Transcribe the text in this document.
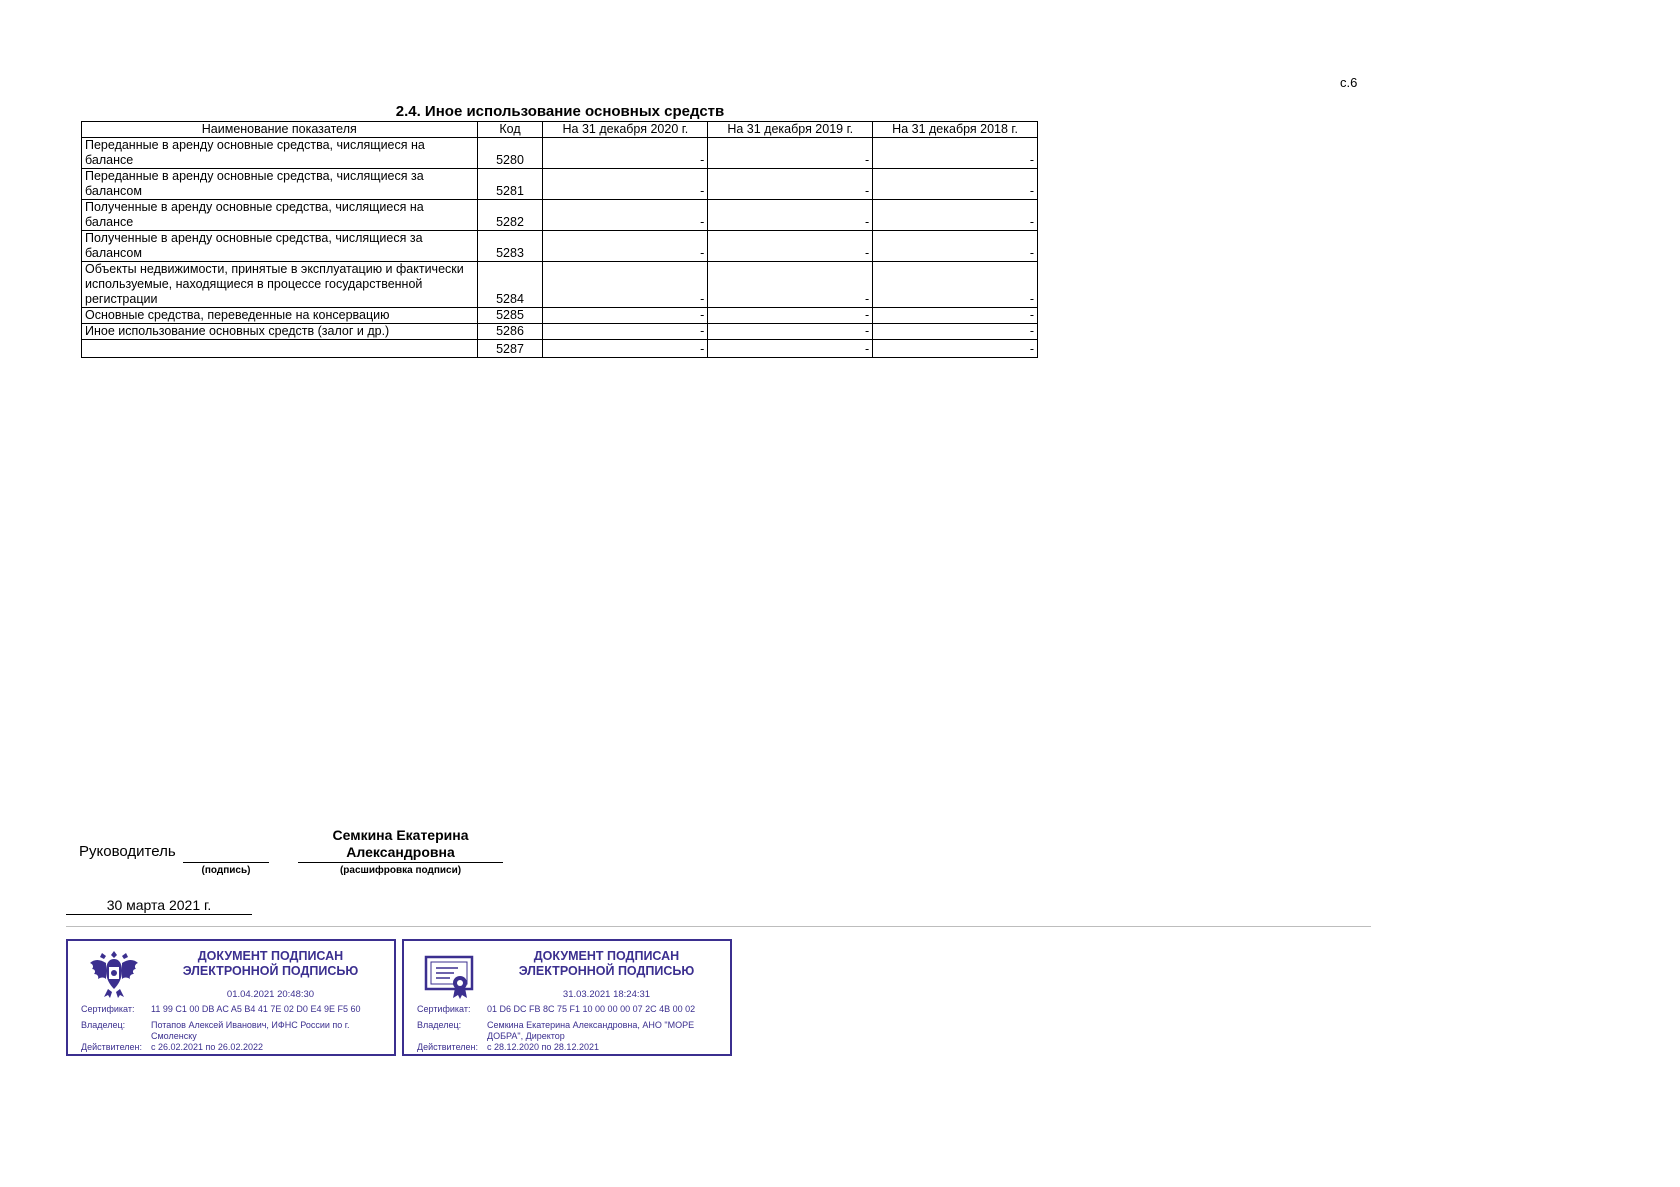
с.6
2.4. Иное использование основных средств
Наименование показателя	Код	На 31 декабря 2020 г.	На 31 декабря 2019 г.	На 31 декабря 2018 г.
Переданные в аренду основные средства, числящиеся на балансе	5280	-	-	-
Переданные в аренду основные средства, числящиеся за балансом	5281	-	-	-
Полученные в аренду основные средства, числящиеся на балансе	5282	-	-	-
Полученные в аренду основные средства, числящиеся за балансом	5283	-	-	-
Объекты недвижимости, принятые в эксплуатацию и фактически используемые, находящиеся в процессе государственной регистрации	5284	-	-	-
Основные средства, переведенные на консервацию	5285	-	-	-
Иное использование основных средств (залог и др.)	5286	-	-	-
	5287	-	-	-
Руководитель
(подпись)
Семкина Екатерина Александровна
(расшифровка подписи)
30 марта 2021 г.
ДОКУМЕНТ ПОДПИСАН ЭЛЕКТРОННОЙ ПОДПИСЬЮ
01.04.2021 20:48:30
Сертификат: 11 99 C1 00 DB AC A5 B4 41 7E 02 D0 E4 9E F5 60
Владелец:	Потапов Алексей Иванович, ИФНС России по г. Смоленску
Действителен: с 26.02.2021 по 26.02.2022
ДОКУМЕНТ ПОДПИСАН ЭЛЕКТРОННОЙ ПОДПИСЬЮ
31.03.2021 18:24:31
Сертификат: 01 D6 DC FB 8C 75 F1 10 00 00 00 07 2C 4B 00 02
Владелец:	Семкина Екатерина Александровна, АНО "МОРЕ ДОБРА", Директор
Действителен: с 28.12.2020 по 28.12.2021
